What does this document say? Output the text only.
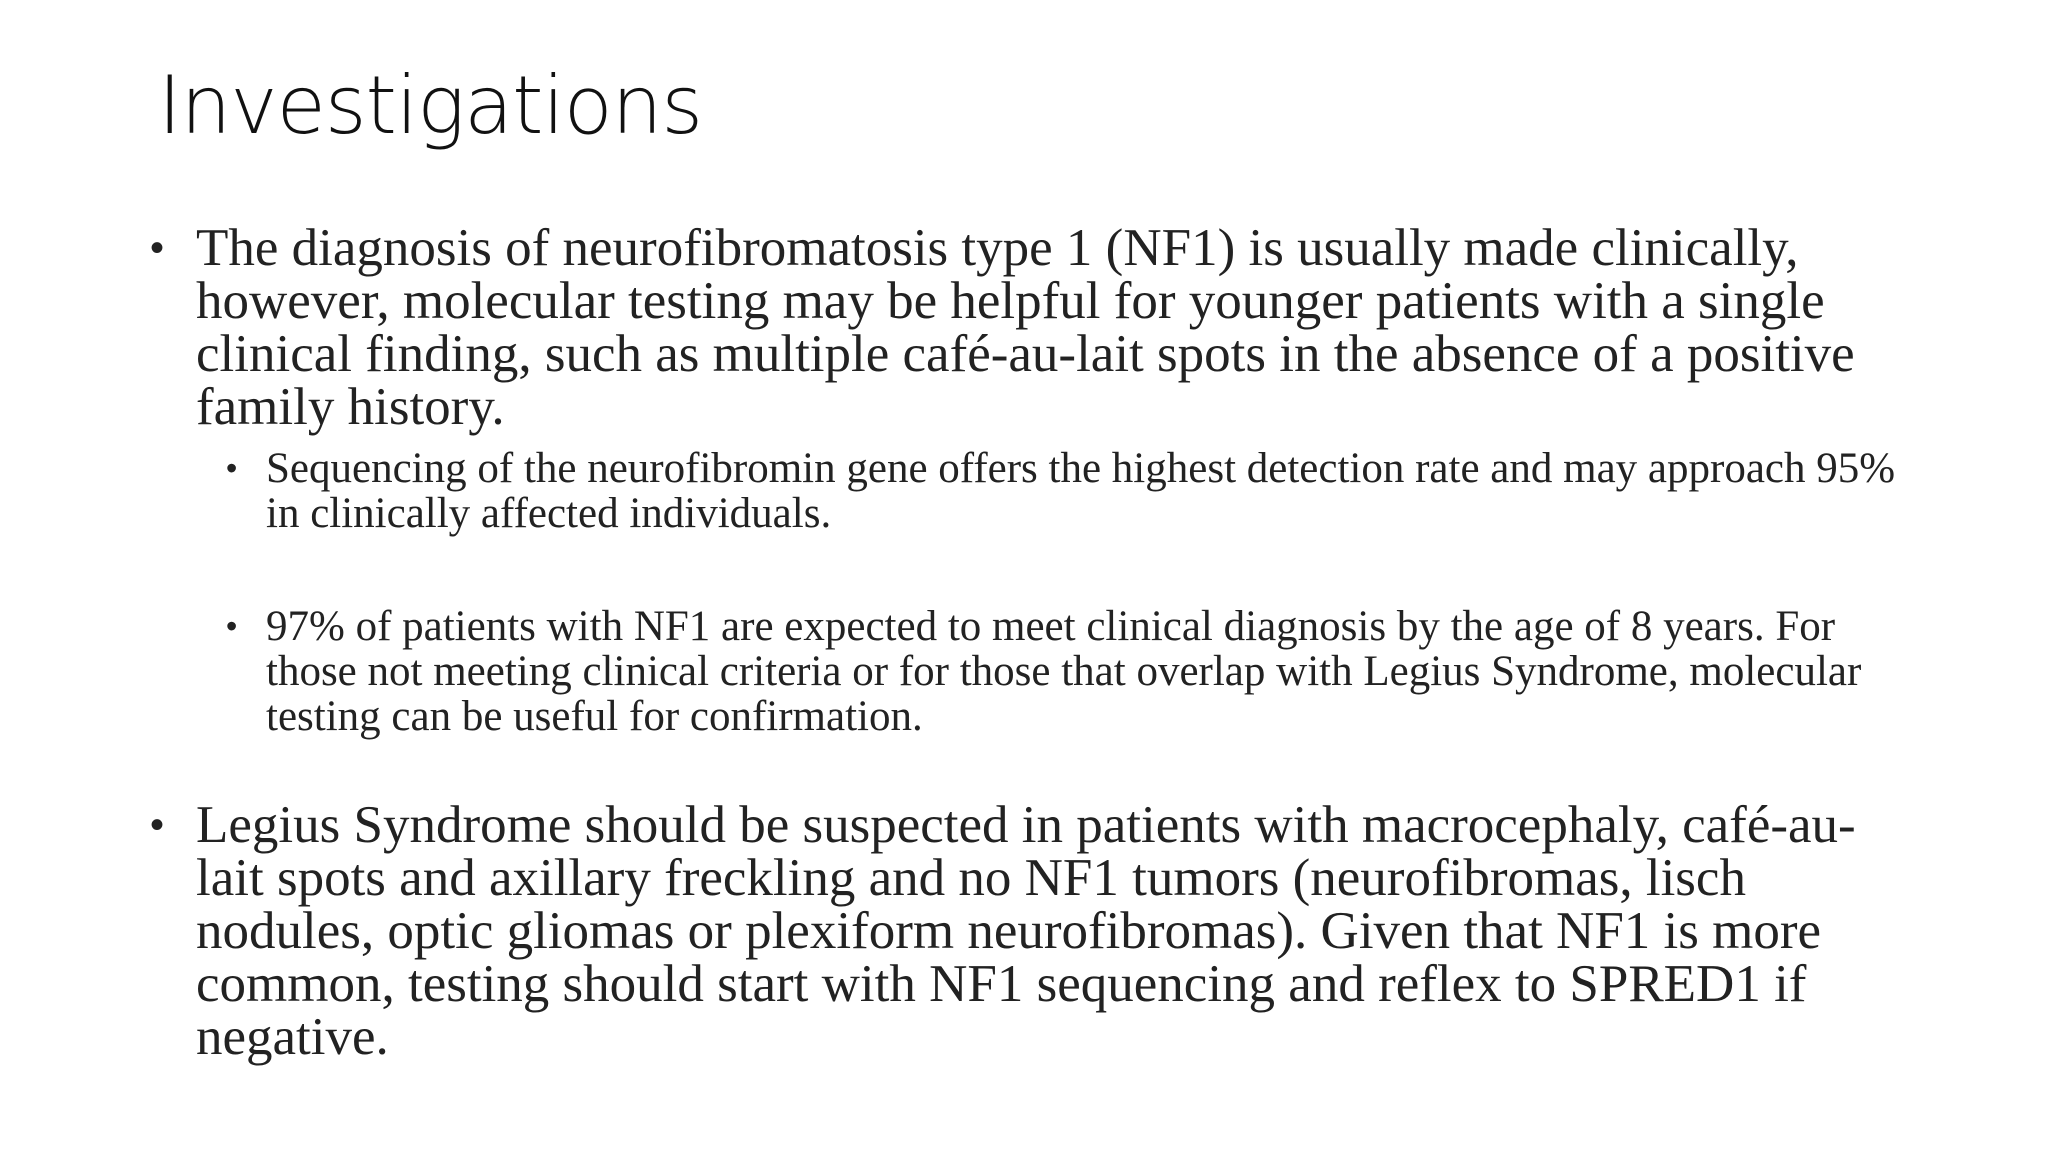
Investigations
• The diagnosis of neurofibromatosis type 1 (NF1) is usually made clinically, however, molecular testing may be helpful for younger patients with a single clinical finding, such as multiple café-au-lait spots in the absence of a positive family history.
• Sequencing of the neurofibromin gene offers the highest detection rate and may approach 95% in clinically affected individuals.
• 97% of patients with NF1 are expected to meet clinical diagnosis by the age of 8 years. For those not meeting clinical criteria or for those that overlap with Legius Syndrome, molecular testing can be useful for confirmation.
• Legius Syndrome should be suspected in patients with macrocephaly, café-au-lait spots and axillary freckling and no NF1 tumors (neurofibromas, lisch nodules, optic gliomas or plexiform neurofibromas). Given that NF1 is more common, testing should start with NF1 sequencing and reflex to SPRED1 if negative.
